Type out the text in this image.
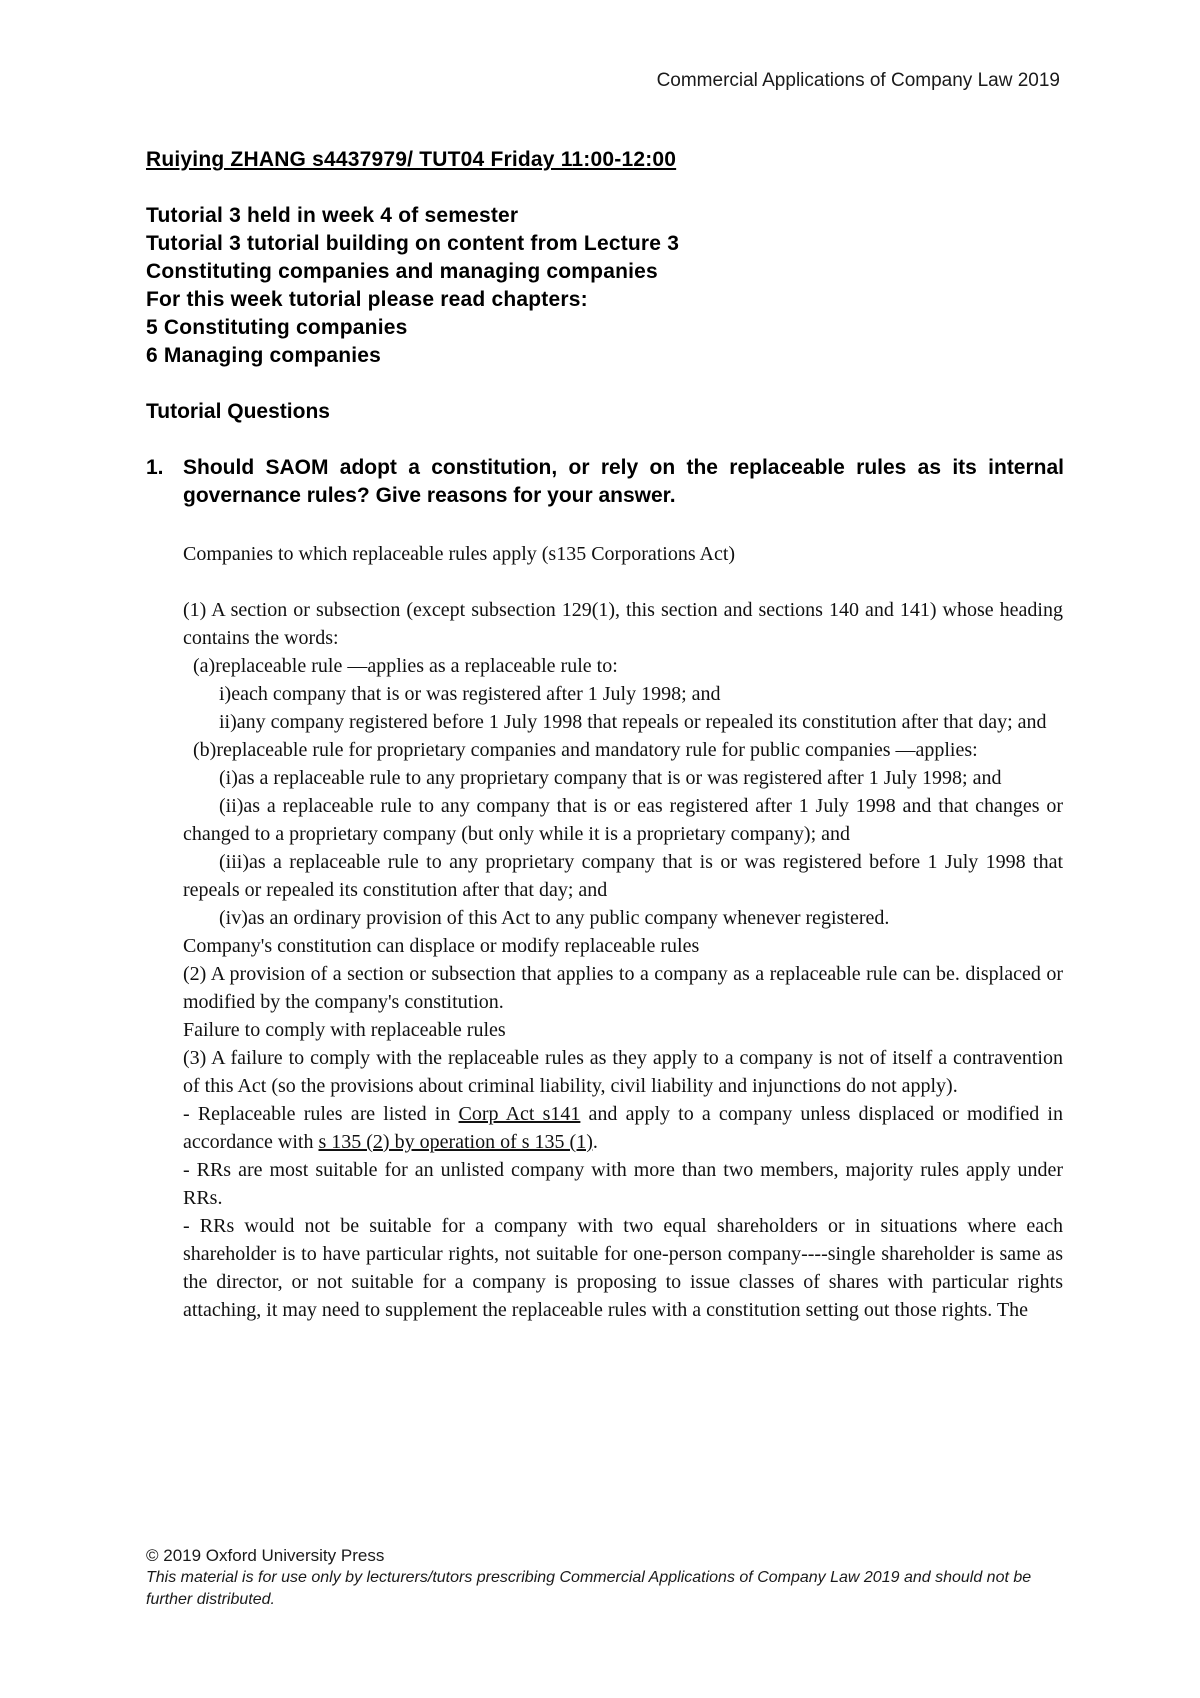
Commercial Applications of Company Law 2019
Ruiying ZHANG s4437979/ TUT04 Friday 11:00-12:00
Tutorial 3 held in week 4 of semester
Tutorial 3 tutorial building on content from Lecture 3
Constituting companies and managing companies
For this week tutorial please read chapters:
5 Constituting companies
6 Managing companies
Tutorial Questions
1. Should SAOM adopt a constitution, or rely on the replaceable rules as its internal governance rules? Give reasons for your answer.

Companies to which replaceable rules apply (s135 Corporations Act)

(1) A section or subsection (except subsection 129(1), this section and sections 140 and 141) whose heading contains the words:

(a)replaceable rule —applies as a replaceable rule to:

i)each company that is or was registered after 1 July 1998; and

ii)any company registered before 1 July 1998 that repeals or repealed its constitution after that day; and

(b)replaceable rule for proprietary companies and mandatory rule for public companies —applies:

(i)as a replaceable rule to any proprietary company that is or was registered after 1 July 1998; and

(ii)as a replaceable rule to any company that is or eas registered after 1 July 1998 and that changes or changed to a proprietary company (but only while it is a proprietary company); and

(iii)as a replaceable rule to any proprietary company that is or was registered before 1 July 1998 that repeals or repealed its constitution after that day; and

(iv)as an ordinary provision of this Act to any public company whenever registered.

Company's constitution can displace or modify replaceable rules

(2) A provision of a section or subsection that applies to a company as a replaceable rule can be. displaced or modified by the company's constitution.

Failure to comply with replaceable rules

(3) A failure to comply with the replaceable rules as they apply to a company is not of itself a contravention of this Act (so the provisions about criminal liability, civil liability and injunctions do not apply).

- Replaceable rules are listed in Corp Act s141 and apply to a company unless displaced or modified in accordance with s 135 (2) by operation of s 135 (1).

- RRs are most suitable for an unlisted company with more than two members, majority rules apply under RRs.

- RRs would not be suitable for a company with two equal shareholders or in situations where each shareholder is to have particular rights, not suitable for one-person company----single shareholder is same as the director, or not suitable for a company is proposing to issue classes of shares with particular rights attaching, it may need to supplement the replaceable rules with a constitution setting out those rights. The

© 2019 Oxford University Press
This material is for use only by lecturers/tutors prescribing Commercial Applications of Company Law 2019 and should not be further distributed.
